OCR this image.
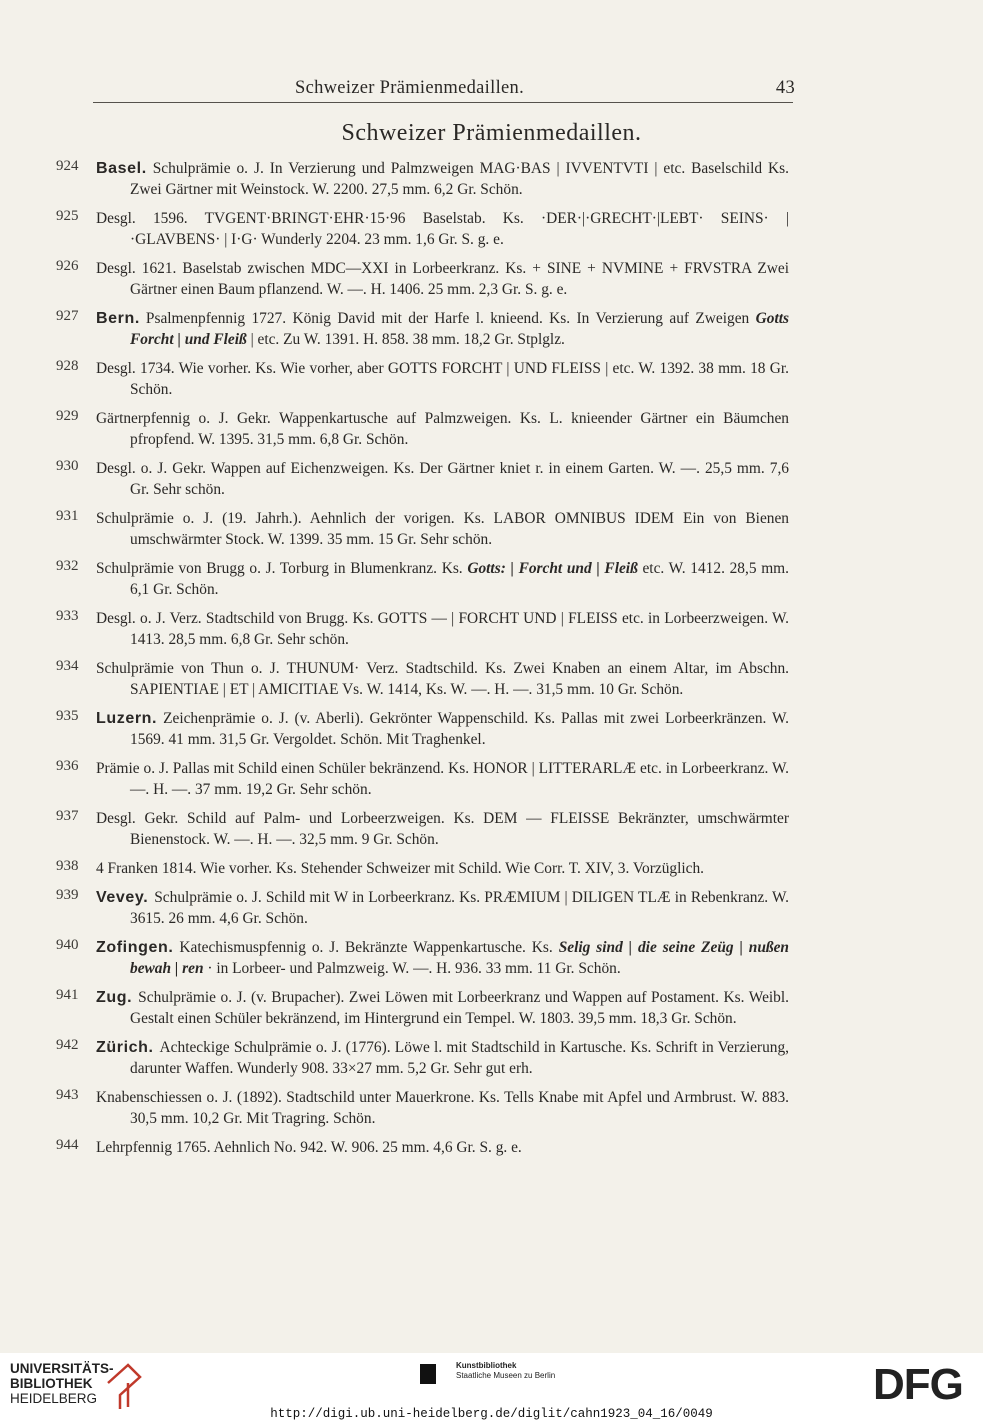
Schweizer Prämienmedaillen.	43
Schweizer Prämienmedaillen.
924 Basel. Schulprämie o. J. In Verzierung und Palmzweigen MAG·BAS | IVVENTVTI | etc. Baselschild Ks. Zwei Gärtner mit Weinstock. W. 2200. 27,5 mm. 6,2 Gr. Schön.
925 Desgl. 1596. TVGENT·BRINGT·EHR·15·96 Baselstab. Ks. ·DER·|·GRECHT·|LEBT· SEINS· | ·GLAVBENS· | I·G· Wunderly 2204. 23 mm. 1,6 Gr. S. g. e.
926 Desgl. 1621. Baselstab zwischen MDC—XXI in Lorbeerkranz. Ks. + SINE + NVMINE + FRVSTRA Zwei Gärtner einen Baum pflanzend. W. —. H. 1406. 25 mm. 2,3 Gr. S. g. e.
927 Bern. Psalmenpfennig 1727. König David mit der Harfe l. knieend. Ks. In Verzierung auf Zweigen Gotts Forcht | und Fleiß | etc. Zu W. 1391. H. 858. 38 mm. 18,2 Gr. Stplglz.
928 Desgl. 1734. Wie vorher. Ks. Wie vorher, aber GOTTS FORCHT | UND FLEISS | etc. W. 1392. 38 mm. 18 Gr. Schön.
929 Gärtnerpfennig o. J. Gekr. Wappenkartusche auf Palmzweigen. Ks. L. knieender Gärtner ein Bäumchen pfropfend. W. 1395. 31,5 mm. 6,8 Gr. Schön.
930 Desgl. o. J. Gekr. Wappen auf Eichenzweigen. Ks. Der Gärtner kniet r. in einem Garten. W. —. 25,5 mm. 7,6 Gr. Sehr schön.
931 Schulprämie o. J. (19. Jahrh.). Aehnlich der vorigen. Ks. LABOR OMNIBUS IDEM Ein von Bienen umschwärmter Stock. W. 1399. 35 mm. 15 Gr. Sehr schön.
932 Schulprämie von Brugg o. J. Torburg in Blumenkranz. Ks. Gotts: | Forcht und | Fleiß etc. W. 1412. 28,5 mm. 6,1 Gr. Schön.
933 Desgl. o. J. Verz. Stadtschild von Brugg. Ks. GOTTS — | FORCHT UND | FLEISS etc. in Lorbeerzweigen. W. 1413. 28,5 mm. 6,8 Gr. Sehr schön.
934 Schulprämie von Thun o. J. THUNUM· Verz. Stadtschild. Ks. Zwei Knaben an einem Altar, im Abschn. SAPIENTIAE | ET | AMICITIAE Vs. W. 1414, Ks. W. —. H. —. 31,5 mm. 10 Gr. Schön.
935 Luzern. Zeichenprämie o. J. (v. Aberli). Gekrönter Wappenschild. Ks. Pallas mit zwei Lorbeerkränzen. W. 1569. 41 mm. 31,5 Gr. Vergoldet. Schön. Mit Traghenkel.
936 Prämie o. J. Pallas mit Schild einen Schüler bekränzend. Ks. HONOR | LITTERARLÆ etc. in Lorbeerkranz. W. —. H. —. 37 mm. 19,2 Gr. Sehr schön.
937 Desgl. Gekr. Schild auf Palm- und Lorbeerzweigen. Ks. DEM — FLEISSE Bekränzter, umschwärmter Bienenstock. W. —. H. —. 32,5 mm. 9 Gr. Schön.
938 4 Franken 1814. Wie vorher. Ks. Stehender Schweizer mit Schild. Wie Corr. T. XIV, 3. Vorzüglich.
939 Vevey. Schulprämie o. J. Schild mit W in Lorbeerkranz. Ks. PRÆMIUM | DILIGEN TLÆ in Rebenkranz. W. 3615. 26 mm. 4,6 Gr. Schön.
940 Zofingen. Katechismuspfennig o. J. Bekränzte Wappenkartusche. Ks. Selig sind | die seine Zeüg | nußen bewah | ren · in Lorbeer- und Palmzweig. W. —. H. 936. 33 mm. 11 Gr. Schön.
941 Zug. Schulprämie o. J. (v. Brupacher). Zwei Löwen mit Lorbeerkranz und Wappen auf Postament. Ks. Weibl. Gestalt einen Schüler bekränzend, im Hintergrund ein Tempel. W. 1803. 39,5 mm. 18,3 Gr. Schön.
942 Zürich. Achteckige Schulprämie o. J. (1776). Löwe l. mit Stadtschild in Kartusche. Ks. Schrift in Verzierung, darunter Waffen. Wunderly 908. 33×27 mm. 5,2 Gr. Sehr gut erh.
943 Knabenschiessen o. J. (1892). Stadtschild unter Mauerkrone. Ks. Tells Knabe mit Apfel und Armbrust. W. 883. 30,5 mm. 10,2 Gr. Mit Tragring. Schön.
944 Lehrpfennig 1765. Aehnlich No. 942. W. 906. 25 mm. 4,6 Gr. S. g. e.
UNIVERSITÄTS-
BIBLIOTHEK
HEIDELBERG
Kunstbibliothek
Staatliche Museen zu Berlin	DFG
http://digi.ub.uni-heidelberg.de/diglit/cahn1923_04_16/0049
